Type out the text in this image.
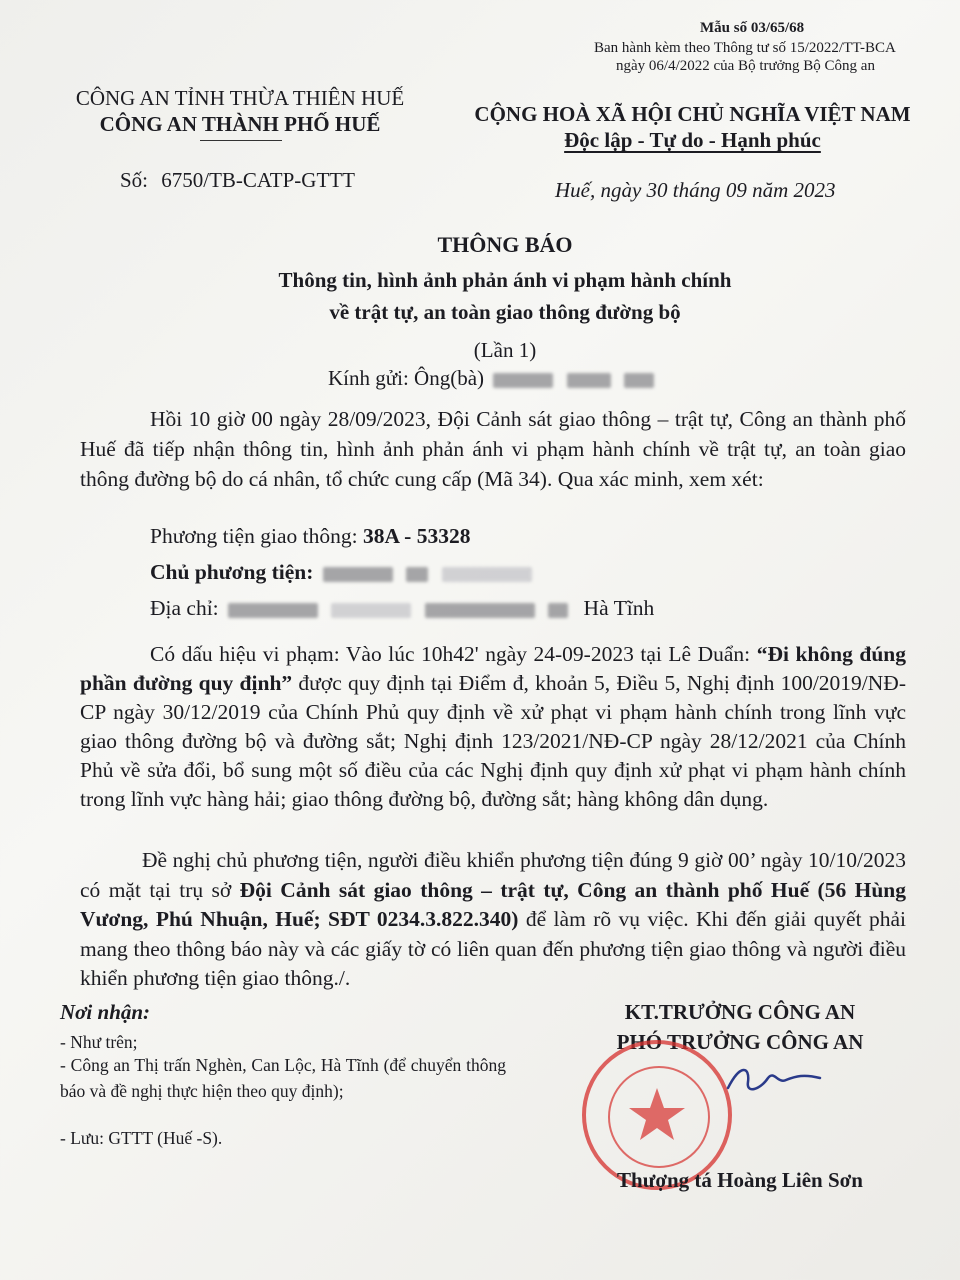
Mẫu số 03/65/68
Ban hành kèm theo Thông tư số 15/2022/TT-BCA
ngày 06/4/2022 của Bộ trưởng Bộ Công an
CÔNG AN TỈNH THỪA THIÊN HUẾ
CÔNG AN THÀNH PHỐ HUẾ
Số: 6750/TB-CATP-GTTT
CỘNG HOÀ XÃ HỘI CHỦ NGHĨA VIỆT NAM
Độc lập - Tự do - Hạnh phúc
Huế, ngày 30 tháng 09 năm 2023
THÔNG BÁO
Thông tin, hình ảnh phản ánh vi phạm hành chính
về trật tự, an toàn giao thông đường bộ
(Lần 1)
Kính gửi: Ông(bà)
Hồi 10 giờ 00 ngày 28/09/2023, Đội Cảnh sát giao thông – trật tự, Công an thành phố Huế đã tiếp nhận thông tin, hình ảnh phản ánh vi phạm hành chính về trật tự, an toàn giao thông đường bộ do cá nhân, tổ chức cung cấp (Mã 34). Qua xác minh, xem xét:
Phương tiện giao thông: 38A - 53328
Chủ phương tiện:
Địa chỉ:	Hà Tĩnh
Có dấu hiệu vi phạm: Vào lúc 10h42' ngày 24-09-2023 tại Lê Duẩn: “Đi không đúng phần đường quy định” được quy định tại Điểm đ, khoản 5, Điều 5, Nghị định 100/2019/NĐ-CP ngày 30/12/2019 của Chính Phủ quy định về xử phạt vi phạm hành chính trong lĩnh vực giao thông đường bộ và đường sắt; Nghị định 123/2021/NĐ-CP ngày 28/12/2021 của Chính Phủ về sửa đổi, bổ sung một số điều của các Nghị định quy định xử phạt vi phạm hành chính trong lĩnh vực hàng hải; giao thông đường bộ, đường sắt; hàng không dân dụng.
Đề nghị chủ phương tiện, người điều khiển phương tiện đúng 9 giờ 00’ ngày 10/10/2023 có mặt tại trụ sở Đội Cảnh sát giao thông – trật tự, Công an thành phố Huế (56 Hùng Vương, Phú Nhuận, Huế; SĐT 0234.3.822.340) để làm rõ vụ việc. Khi đến giải quyết phải mang theo thông báo này và các giấy tờ có liên quan đến phương tiện giao thông và người điều khiển phương tiện giao thông./.
Nơi nhận:
- Như trên;
- Công an Thị trấn Nghèn, Can Lộc, Hà Tĩnh (để chuyển thông báo và đề nghị thực hiện theo quy định);
- Lưu: GTTT (Huế -S).
KT.TRƯỞNG CÔNG AN
PHÓ TRƯỞNG CÔNG AN
Thượng tá Hoàng Liên Sơn
